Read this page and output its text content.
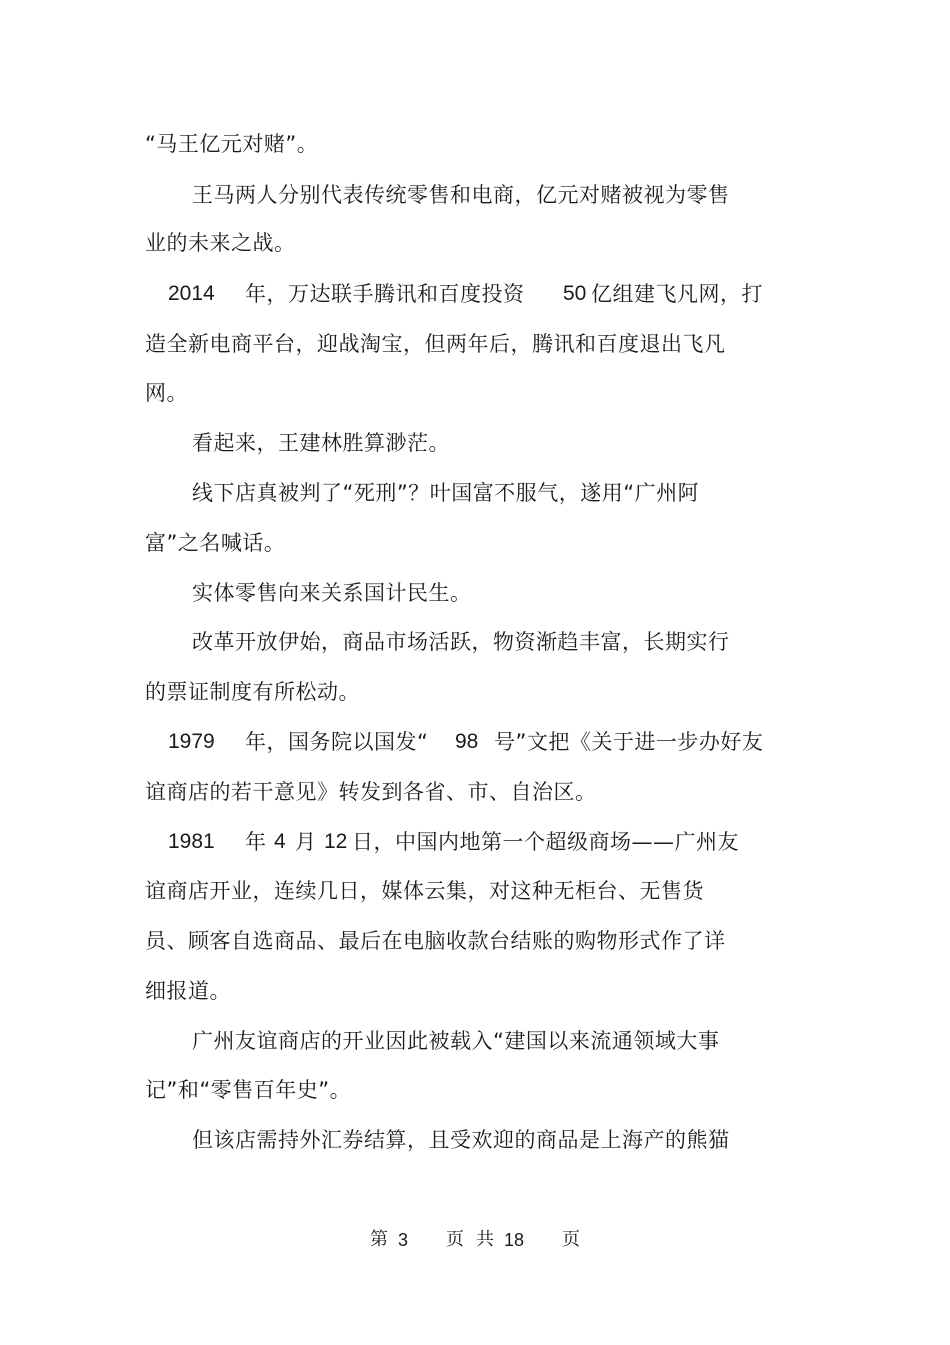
“马王亿元对赌”。
王马两人分别代表传统零售和电商，亿元对赌被视为零售
业的未来之战。
2014 年，万达联手腾讯和百度投资 50 亿组建飞凡网，打
造全新电商平台，迎战淘宝，但两年后，腾讯和百度退出飞凡
网。
看起来，王建林胜算渺茫。
线下店真被判了“死刑”？叶国富不服气，遂用“广州阿
富”之名喊话。
实体零售向来关系国计民生。
改革开放伊始，商品市场活跃，物资渐趋丰富，长期实行
的票证制度有所松动。
1979 年，国务院以国发“ 98 号”文把《关于进一步办好友
谊商店的若干意见》转发到各省、市、自治区。
1981 年 4 月 12 日，中国内地第一个超级商场——广州友
谊商店开业，连续几日，媒体云集，对这种无柜台、无售货
员、顾客自选商品、最后在电脑收款台结账的购物形式作了详
细报道。
广州友谊商店的开业因此被载入“建国以来流通领域大事
记”和“零售百年史”。
但该店需持外汇券结算，且受欢迎的商品是上海产的熊猫
第 3 页 共 18 页
